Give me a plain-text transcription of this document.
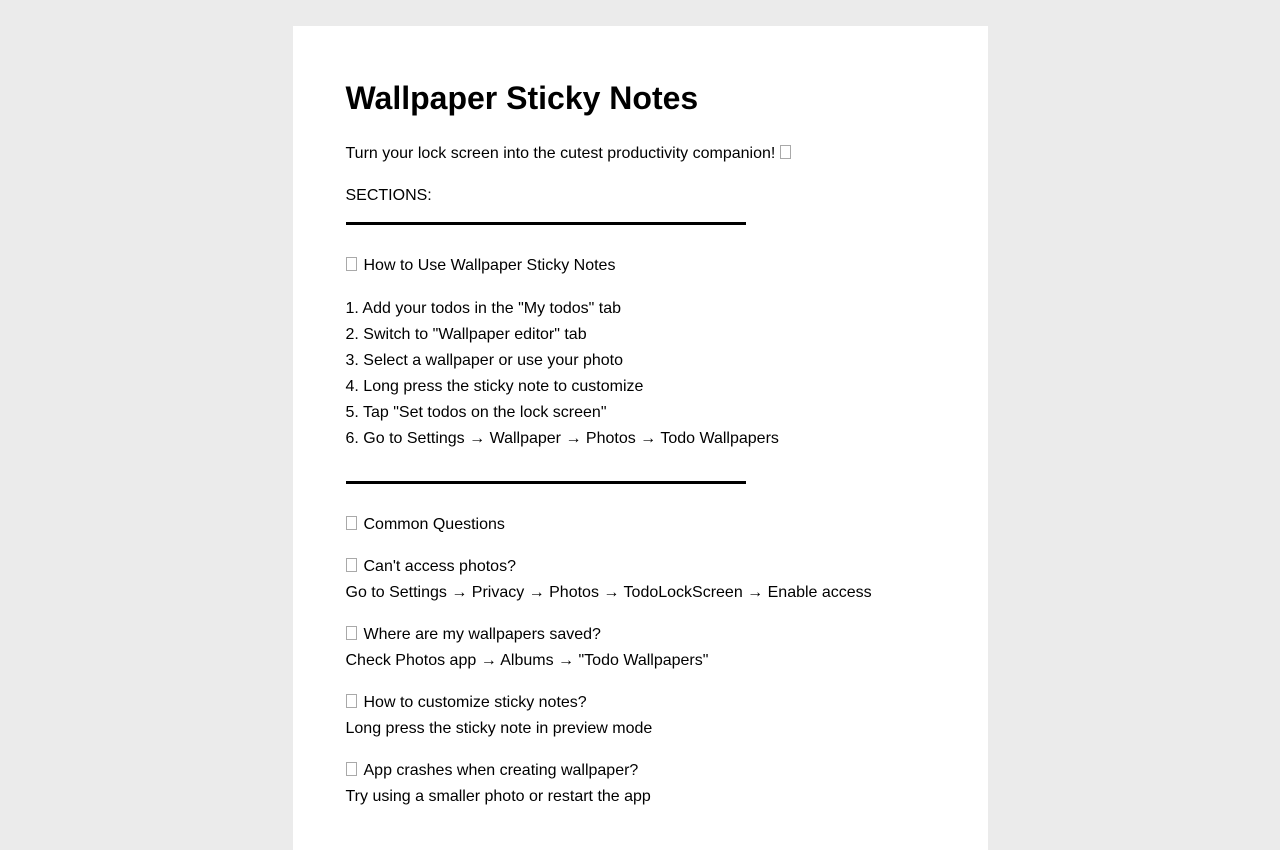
Wallpaper Sticky Notes

Turn your lock screen into the cutest productivity companion!

SECTIONS:

How to Use Wallpaper Sticky Notes

1. Add your todos in the "My todos" tab
2. Switch to "Wallpaper editor" tab
3. Select a wallpaper or use your photo
4. Long press the sticky note to customize
5. Tap "Set todos on the lock screen"
6. Go to Settings → Wallpaper → Photos → Todo Wallpapers

Common Questions

Can't access photos?
Go to Settings → Privacy → Photos → TodoLockScreen → Enable access
Where are my wallpapers saved?
Check Photos app → Albums → "Todo Wallpapers"
How to customize sticky notes?
Long press the sticky note in preview mode
App crashes when creating wallpaper?
Try using a smaller photo or restart the app
